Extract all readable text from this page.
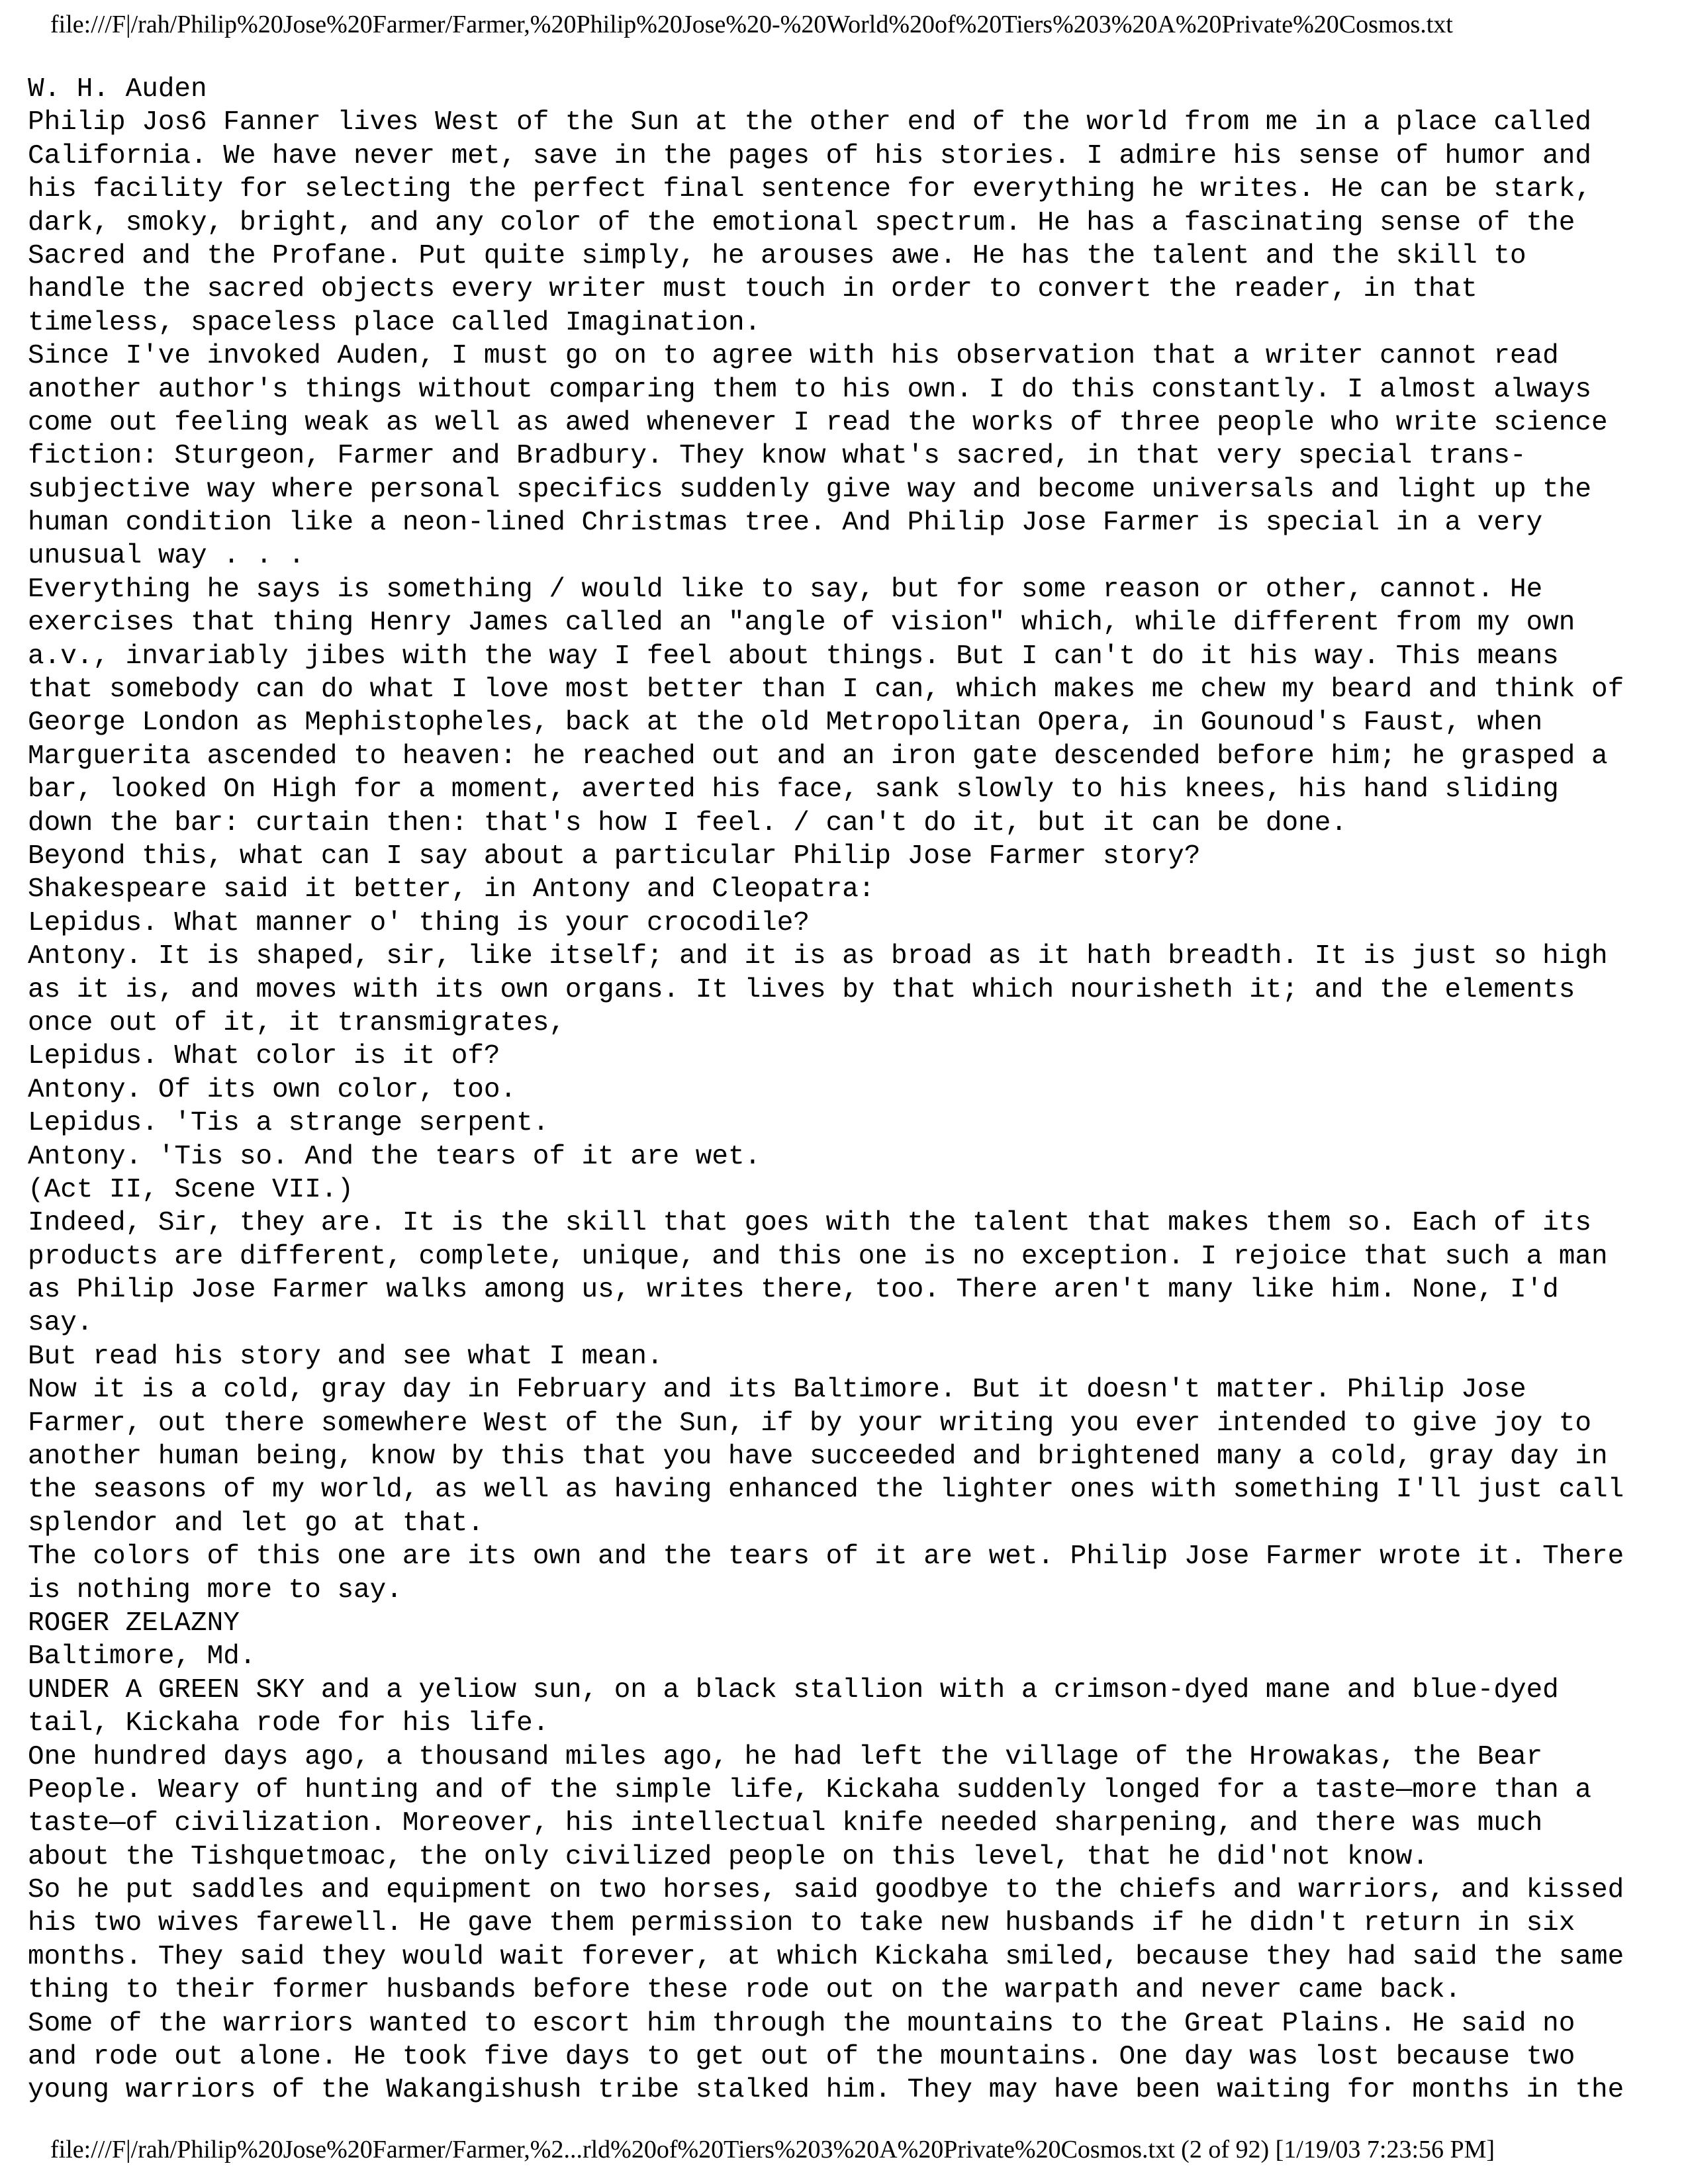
file:///F|/rah/Philip%20Jose%20Farmer/Farmer,%20Philip%20Jose%20-%20World%20of%20Tiers%203%20A%20Private%20Cosmos.txt
W. H. Auden
Philip Jos6 Fanner lives West of the Sun at the other end of the world from me in a place called
California. We have never met, save in the pages of his stories. I admire his sense of humor and
his facility for selecting the perfect final sentence for everything he writes. He can be stark,
dark, smoky, bright, and any color of the emotional spectrum. He has a fascinating sense of the
Sacred and the Profane. Put quite simply, he arouses awe. He has the talent and the skill to
handle the sacred objects every writer must touch in order to convert the reader, in that
timeless, spaceless place called Imagination.
Since I've invoked Auden, I must go on to agree with his observation that a writer cannot read
another author's things without comparing them to his own. I do this constantly. I almost always
come out feeling weak as well as awed whenever I read the works of three people who write science
fiction: Sturgeon, Farmer and Bradbury. They know what's sacred, in that very special trans-
subjective way where personal specifics suddenly give way and become universals and light up the
human condition like a neon-lined Christmas tree. And Philip Jose Farmer is special in a very
unusual way . . .
Everything he says is something / would like to say, but for some reason or other, cannot. He
exercises that thing Henry James called an "angle of vision" which, while different from my own
a.v., invariably jibes with the way I feel about things. But I can't do it his way. This means
that somebody can do what I love most better than I can, which makes me chew my beard and think of
George London as Mephistopheles, back at the old Metropolitan Opera, in Gounoud's Faust, when
Marguerita ascended to heaven: he reached out and an iron gate descended before him; he grasped a
bar, looked On High for a moment, averted his face, sank slowly to his knees, his hand sliding
down the bar: curtain then: that's how I feel. / can't do it, but it can be done.
Beyond this, what can I say about a particular Philip Jose Farmer story?
Shakespeare said it better, in Antony and Cleopatra:
Lepidus. What manner o' thing is your crocodile?
Antony. It is shaped, sir, like itself; and it is as broad as it hath breadth. It is just so high
as it is, and moves with its own organs. It lives by that which nourisheth it; and the elements
once out of it, it transmigrates,
Lepidus. What color is it of?
Antony. Of its own color, too.
Lepidus. 'Tis a strange serpent.
Antony. 'Tis so. And the tears of it are wet.
(Act II, Scene VII.)
Indeed, Sir, they are. It is the skill that goes with the talent that makes them so. Each of its
products are different, complete, unique, and this one is no exception. I rejoice that such a man
as Philip Jose Farmer walks among us, writes there, too. There aren't many like him. None, I'd
say.
But read his story and see what I mean.
Now it is a cold, gray day in February and its Baltimore. But it doesn't matter. Philip Jose
Farmer, out there somewhere West of the Sun, if by your writing you ever intended to give joy to
another human being, know by this that you have succeeded and brightened many a cold, gray day in
the seasons of my world, as well as having enhanced the lighter ones with something I'll just call
splendor and let go at that.
The colors of this one are its own and the tears of it are wet. Philip Jose Farmer wrote it. There
is nothing more to say.
ROGER ZELAZNY
Baltimore, Md.
UNDER A GREEN SKY and a yeliow sun, on a black stallion with a crimson-dyed mane and blue-dyed
tail, Kickaha rode for his life.
One hundred days ago, a thousand miles ago, he had left the village of the Hrowakas, the Bear
People. Weary of hunting and of the simple life, Kickaha suddenly longed for a taste—more than a
taste—of civilization. Moreover, his intellectual knife needed sharpening, and there was much
about the Tishquetmoac, the only civilized people on this level, that he did'not know.
So he put saddles and equipment on two horses, said goodbye to the chiefs and warriors, and kissed
his two wives farewell. He gave them permission to take new husbands if he didn't return in six
months. They said they would wait forever, at which Kickaha smiled, because they had said the same
thing to their former husbands before these rode out on the warpath and never came back.
Some of the warriors wanted to escort him through the mountains to the Great Plains. He said no
and rode out alone. He took five days to get out of the mountains. One day was lost because two
young warriors of the Wakangishush tribe stalked him. They may have been waiting for months in the
file:///F|/rah/Philip%20Jose%20Farmer/Farmer,%2...rld%20of%20Tiers%203%20A%20Private%20Cosmos.txt (2 of 92) [1/19/03 7:23:56 PM]
